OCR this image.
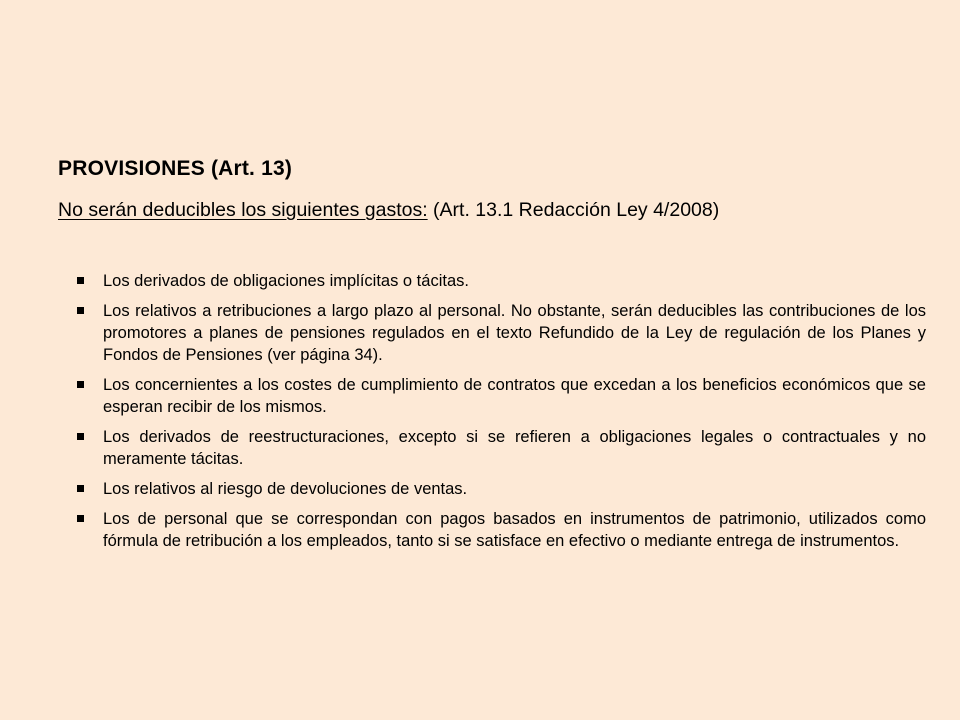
PROVISIONES (Art. 13)

No serán deducibles los siguientes gastos: (Art. 13.1 Redacción Ley 4/2008)

Los derivados de obligaciones implícitas o tácitas.
Los relativos a retribuciones a largo plazo al personal. No obstante, serán deducibles las contribuciones de los promotores a planes de pensiones regulados en el texto Refundido de la Ley de regulación de los Planes y Fondos de Pensiones (ver página 34).
Los concernientes a los costes de cumplimiento de contratos que excedan a los beneficios económicos que se esperan recibir de los mismos.
Los derivados de reestructuraciones, excepto si se refieren a obligaciones legales o contractuales y no meramente tácitas.
Los relativos al riesgo de devoluciones de ventas.
Los de personal que se correspondan con pagos basados en instrumentos de patrimonio, utilizados como fórmula de retribución a los empleados, tanto si se satisface en efectivo o mediante entrega de instrumentos.
